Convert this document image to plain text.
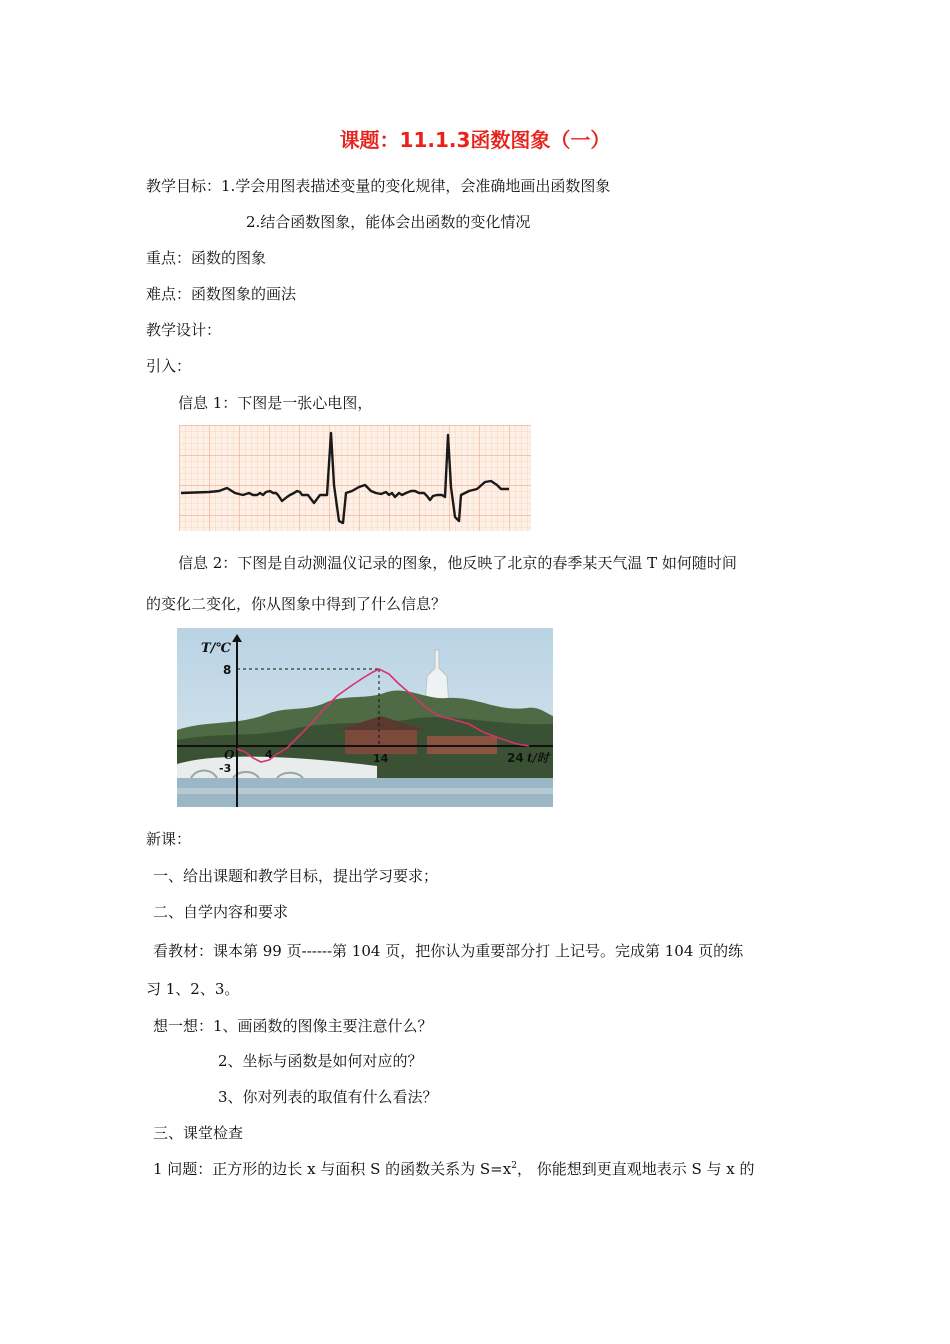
课题：11.1.3函数图象（一）
教学目标：1.学会用图表描述变量的变化规律，会准确地画出函数图象
2.结合函数图象，能体会出函数的变化情况
重点：函数的图象
难点：函数图象的画法
教学设计：
引入：
信息 1：下图是一张心电图，
信息 2：下图是自动测温仪记录的图象，他反映了北京的春季某天气温 T 如何随时间
的变化二变化，你从图象中得到了什么信息？
T/℃
8
O
-3
4	14	24 t/时
新课：
一、给出课题和教学目标，提出学习要求；
二、自学内容和要求
看教材：课本第 99 页------第 104 页，把你认为重要部分打 上记号。完成第 104 页的练
习 1、2、3。
想一想：1、画函数的图像主要注意什么？
2、坐标与函数是如何对应的？
3、你对列表的取值有什么看法？
三、课堂检查
1 问题：正方形的边长 x 与面积 S 的函数关系为 $S=x^2$， 你能想到更直观地表示 S 与 x 的
